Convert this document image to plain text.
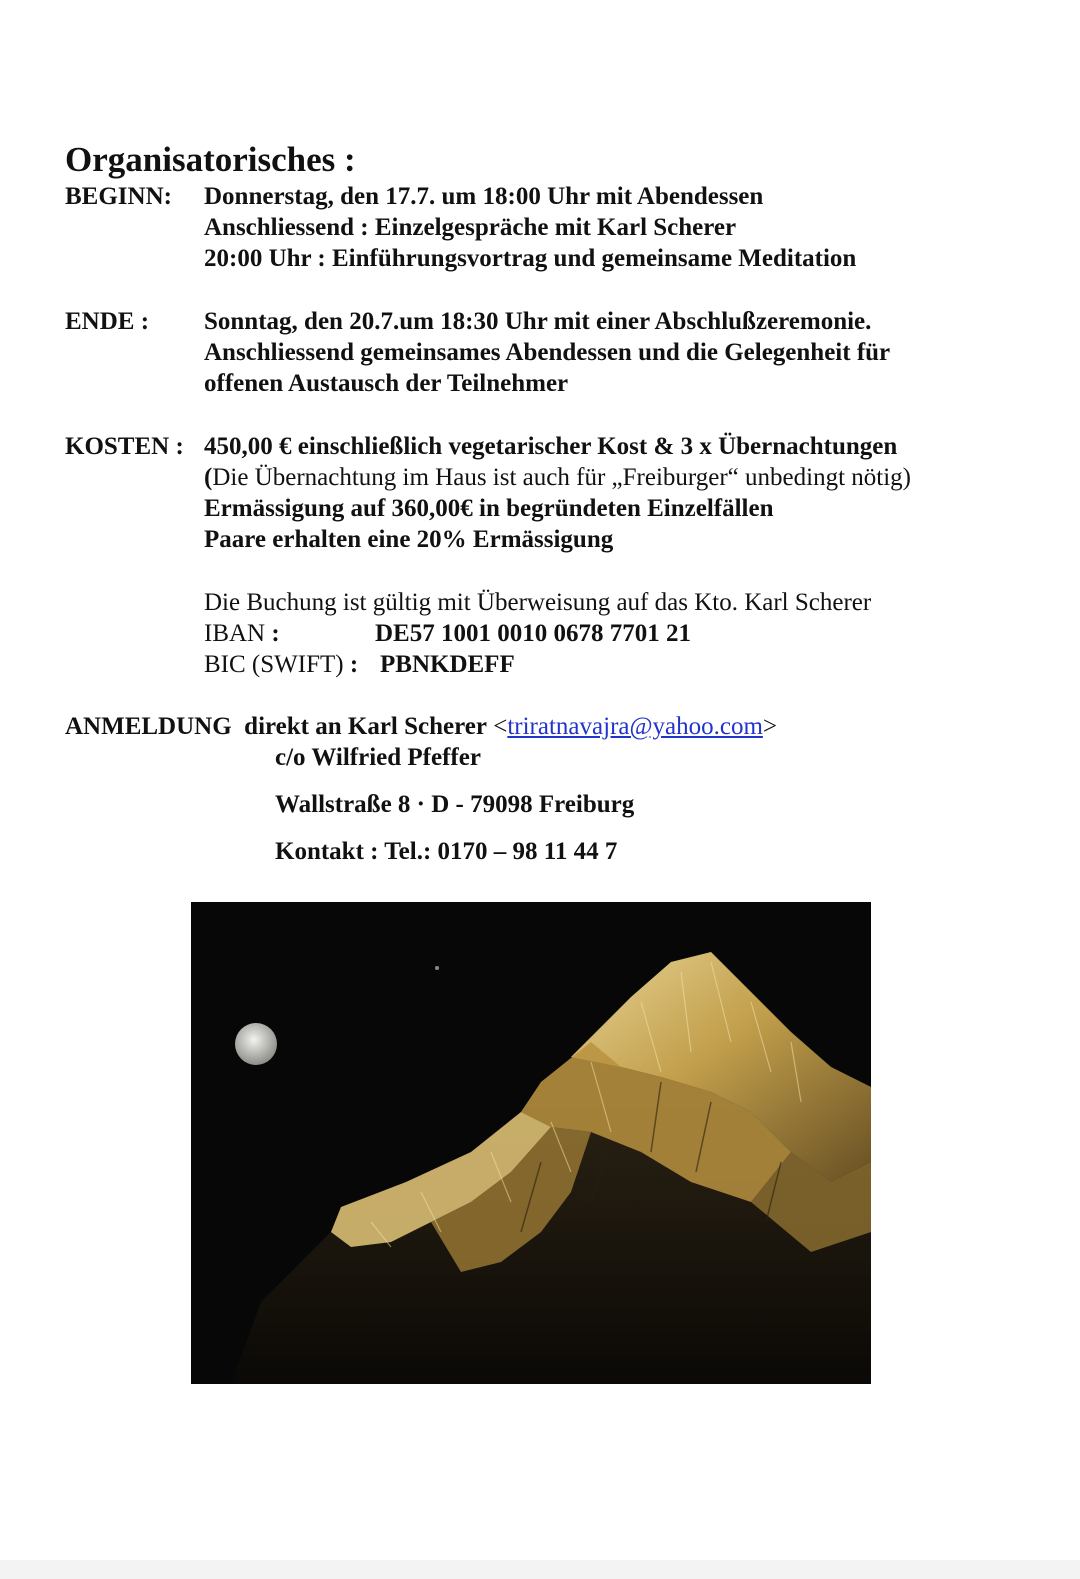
Organisatorisches :
BEGINN: Donnerstag, den 17.7. um 18:00 Uhr mit Abendessen
Anschliessend : Einzelgespräche mit Karl Scherer
20:00 Uhr : Einführungsvortrag und gemeinsame Meditation
ENDE : Sonntag, den 20.7.um 18:30 Uhr mit einer Abschlußzeremonie.
Anschliessend gemeinsames Abendessen und die Gelegenheit für
offenen Austausch der Teilnehmer
KOSTEN : 450,00 € einschließlich vegetarischer Kost & 3 x Übernachtungen
(Die Übernachtung im Haus ist auch für „Freiburger“ unbedingt nötig)
Ermässigung auf 360,00€ in begründeten Einzelfällen
Paare erhalten eine 20% Ermässigung
Die Buchung ist gültig mit Überweisung auf das Kto. Karl Scherer
IBAN :	DE57 1001 0010 0678 7701 21
BIC (SWIFT) : PBNKDEFF
ANMELDUNG direkt an Karl Scherer <triratnavajra@yahoo.com>
c/o Wilfried Pfeffer
Wallstraße 8 · D - 79098 Freiburg
Kontakt : Tel.: 0170 – 98 11 44 7
